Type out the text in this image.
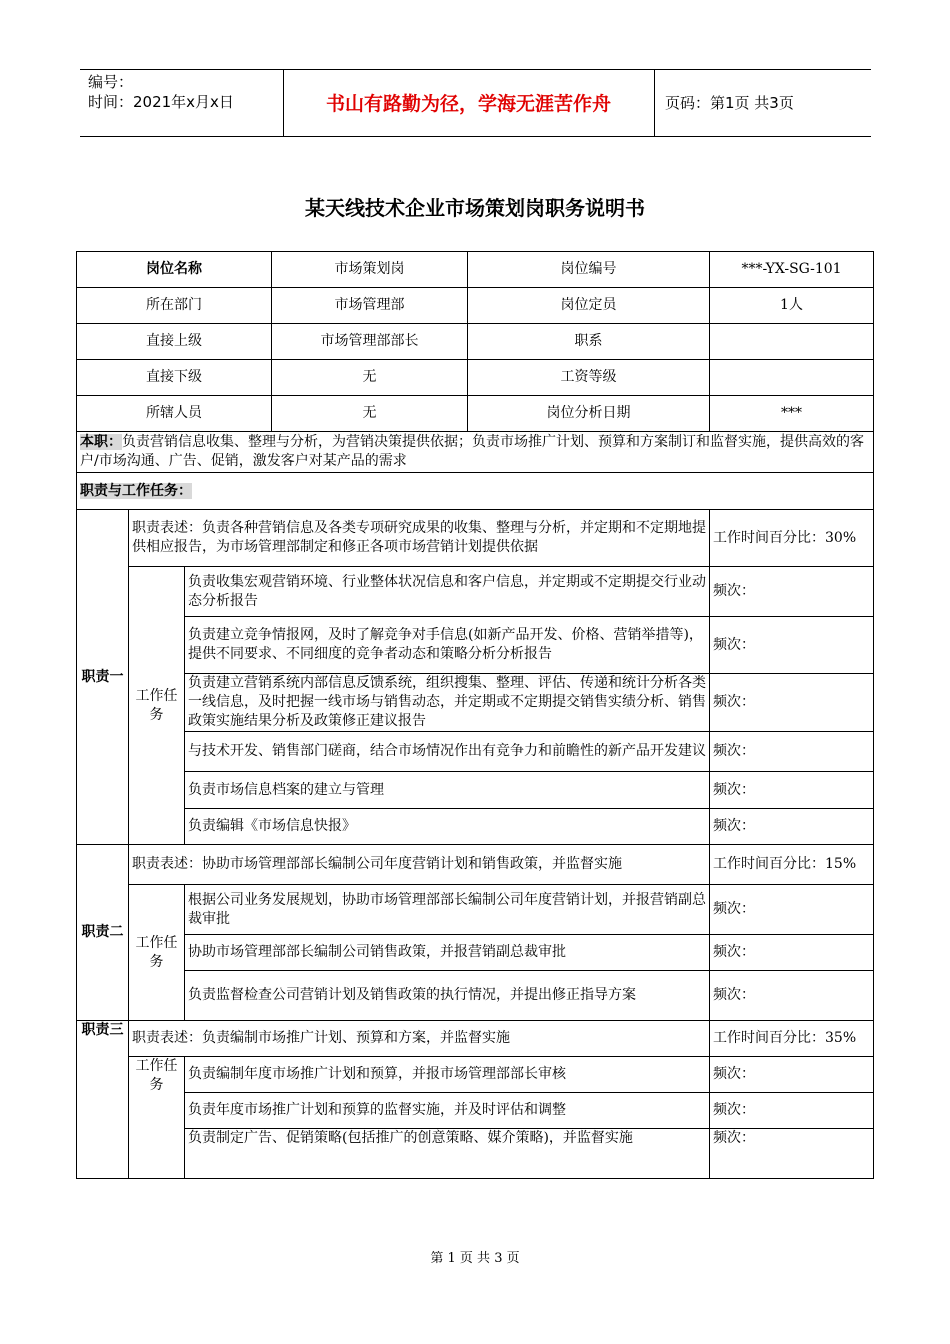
编号：
时间：2021年x月x日	书山有路勤为径，学海无涯苦作舟	页码：第1页 共3页
某天线技术企业市场策划岗职务说明书
岗位名称			市场策划岗	岗位编号	***-YX-SG-101
所在部门			市场管理部	岗位定员	1人
直接上级			市场管理部部长	职系	
直接下级			无	工资等级	
所辖人员			无	岗位分析日期	***
本职：负责营销信息收集、整理与分析，为营销决策提供依据；负责市场推广计划、预算和方案制订和监督实施，提供高效的客户/市场沟通、广告、促销，激发客户对某产品的需求					
职责与工作任务：					
职责一	职责表述：负责各种营销信息及各类专项研究成果的收集、整理与分析，并定期和不定期地提供相应报告，为市场管理部制定和修正各项市场营销计划提供依据				工作时间百分比：30%
	工作任务	负责收集宏观营销环境、行业整体状况信息和客户信息，并定期或不定期提交行业动态分析报告			频次：
		负责建立竞争情报网，及时了解竞争对手信息(如新产品开发、价格、营销举措等)，提供不同要求、不同细度的竞争者动态和策略分析分析报告			频次：
		负责建立营销系统内部信息反馈系统，组织搜集、整理、评估、传递和统计分析各类一线信息，及时把握一线市场与销售动态，并定期或不定期提交销售实绩分析、销售政策实施结果分析及政策修正建议报告			频次：
		与技术开发、销售部门磋商，结合市场情况作出有竞争力和前瞻性的新产品开发建议			频次：
		负责市场信息档案的建立与管理			频次：
		负责编辑《市场信息快报》			频次：
职责二	职责表述：协助市场管理部部长编制公司年度营销计划和销售政策，并监督实施				工作时间百分比：15%
	工作任务	根据公司业务发展规划，协助市场管理部部长编制公司年度营销计划，并报营销副总裁审批			频次：
		协助市场管理部部长编制公司销售政策，并报营销副总裁审批			频次：
		负责监督检查公司营销计划及销售政策的执行情况，并提出修正指导方案			频次：
职责三	职责表述：负责编制市场推广计划、预算和方案，并监督实施				工作时间百分比：35%
	工作任务	负责编制年度市场推广计划和预算，并报市场管理部部长审核			频次：
		负责年度市场推广计划和预算的监督实施，并及时评估和调整			频次：
		负责制定广告、促销策略(包括推广的创意策略、媒介策略)，并监督实施			频次：
第 1 页 共 3 页
